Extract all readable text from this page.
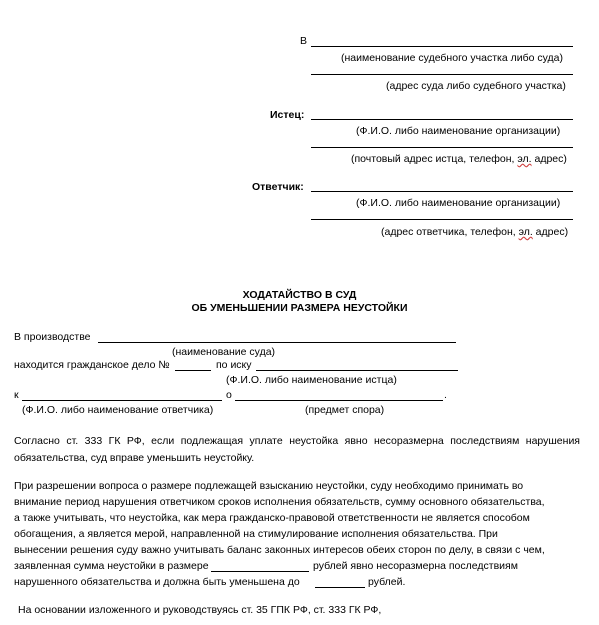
В
(наименование судебного участка либо суда)
(адрес суда либо судебного участка)
Истец:
(Ф.И.О. либо наименование организации)
(почтовый адрес истца, телефон, эл. адрес)
Ответчик:
(Ф.И.О. либо наименование организации)
(адрес ответчика, телефон, эл. адрес)
ХОДАТАЙСТВО В СУД
ОБ УМЕНЬШЕНИИ РАЗМЕРА НЕУСТОЙКИ
В производстве
(наименование суда)
находится гражданское дело №	по иску
(Ф.И.О. либо наименование истца)
к	о	.
(Ф.И.О. либо наименование ответчика)	(предмет спора)
Согласно ст. 333 ГК РФ, если подлежащая уплате неустойка явно несоразмерна последствиям нарушения обязательства, суд вправе уменьшить неустойку.
При разрешении вопроса о размере подлежащей взысканию неустойки, суду необходимо принимать во
внимание период нарушения ответчиком сроков исполнения обязательств, сумму основного обязательства,
а также учитывать, что неустойка, как мера гражданско-правовой ответственности не является способом
обогащения, а является мерой, направленной на стимулирование исполнения обязательства. При
вынесении решения суду важно учитывать баланс законных интересов обеих сторон по делу, в связи с чем,
заявленная сумма неустойки в размере	рублей явно несоразмерна последствиям
нарушенного обязательства и должна быть уменьшена до	рублей.
На основании изложенного и руководствуясь ст. 35 ГПК РФ, ст. 333 ГК РФ,
